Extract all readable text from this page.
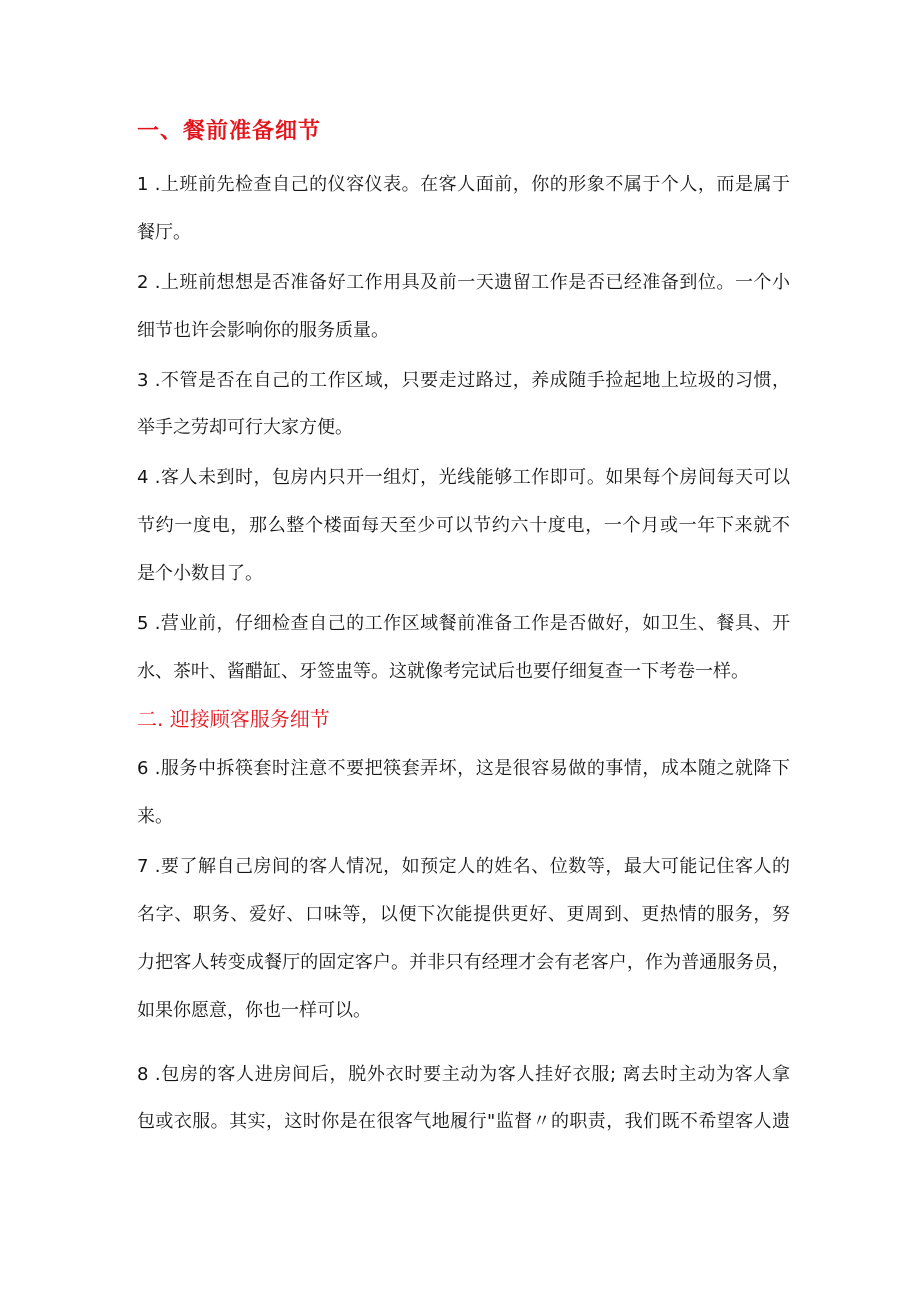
一、餐前准备细节
1 .上班前先检查自己的仪容仪表。在客人面前，你的形象不属于个人，而是属于
餐厅。
2 .上班前想想是否准备好工作用具及前一天遗留工作是否已经准备到位。一个小
细节也许会影响你的服务质量。
3 .不管是否在自己的工作区域，只要走过路过，养成随手捡起地上垃圾的习惯，
举手之劳却可行大家方便。
4 .客人未到时，包房内只开一组灯，光线能够工作即可。如果每个房间每天可以
节约一度电，那么整个楼面每天至少可以节约六十度电，一个月或一年下来就不
是个小数目了。
5 .营业前，仔细检查自己的工作区域餐前准备工作是否做好，如卫生、餐具、开
水、茶叶、酱醋缸、牙签盅等。这就像考完试后也要仔细复查一下考卷一样。
二. 迎接顾客服务细节
6 .服务中拆筷套时注意不要把筷套弄坏，这是很容易做的事情，成本随之就降下
来。
7 .要了解自己房间的客人情况，如预定人的姓名、位数等，最大可能记住客人的
名字、职务、爱好、口味等，以便下次能提供更好、更周到、更热情的服务，努
力把客人转变成餐厅的固定客户。并非只有经理才会有老客户，作为普通服务员，
如果你愿意，你也一样可以。
8 .包房的客人进房间后，脱外衣时要主动为客人挂好衣服; 离去时主动为客人拿
包或衣服。其实，这时你是在很客气地履行"监督〃的职责，我们既不希望客人遗
